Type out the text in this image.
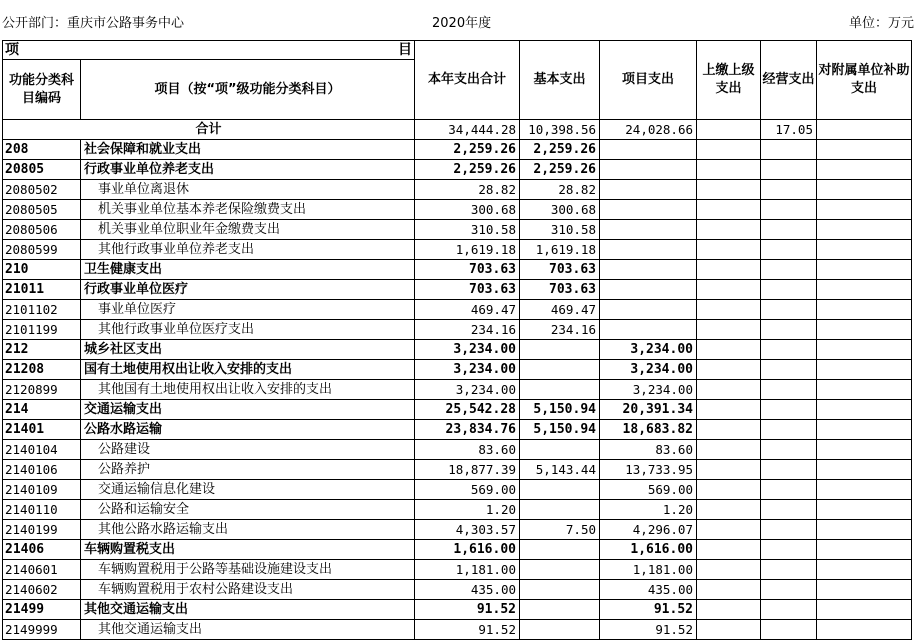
公开部门：重庆市公路事务中心	2020年度	单位：万元
项 目		本年支出合计	基本支出	项目支出	上缴上级支出	经营支出	对附属单位补助支出
功能分类科目编码	项目（按“项”级功能分类科目）						
合计		34,444.28	10,398.56	24,028.66		17.05	
208	社会保障和就业支出	2,259.26	2,259.26				
20805	行政事业单位养老支出	2,259.26	2,259.26				
2080502	事业单位离退休	28.82	28.82				
2080505	机关事业单位基本养老保险缴费支出	300.68	300.68				
2080506	机关事业单位职业年金缴费支出	310.58	310.58				
2080599	其他行政事业单位养老支出	1,619.18	1,619.18				
210	卫生健康支出	703.63	703.63				
21011	行政事业单位医疗	703.63	703.63				
2101102	事业单位医疗	469.47	469.47				
2101199	其他行政事业单位医疗支出	234.16	234.16				
212	城乡社区支出	3,234.00		3,234.00			
21208	国有土地使用权出让收入安排的支出	3,234.00		3,234.00			
2120899	其他国有土地使用权出让收入安排的支出	3,234.00		3,234.00			
214	交通运输支出	25,542.28	5,150.94	20,391.34			
21401	公路水路运输	23,834.76	5,150.94	18,683.82			
2140104	公路建设	83.60		83.60			
2140106	公路养护	18,877.39	5,143.44	13,733.95			
2140109	交通运输信息化建设	569.00		569.00			
2140110	公路和运输安全	1.20		1.20			
2140199	其他公路水路运输支出	4,303.57	7.50	4,296.07			
21406	车辆购置税支出	1,616.00		1,616.00			
2140601	车辆购置税用于公路等基础设施建设支出	1,181.00		1,181.00			
2140602	车辆购置税用于农村公路建设支出	435.00		435.00			
21499	其他交通运输支出	91.52		91.52			
2149999	其他交通运输支出	91.52		91.52			
